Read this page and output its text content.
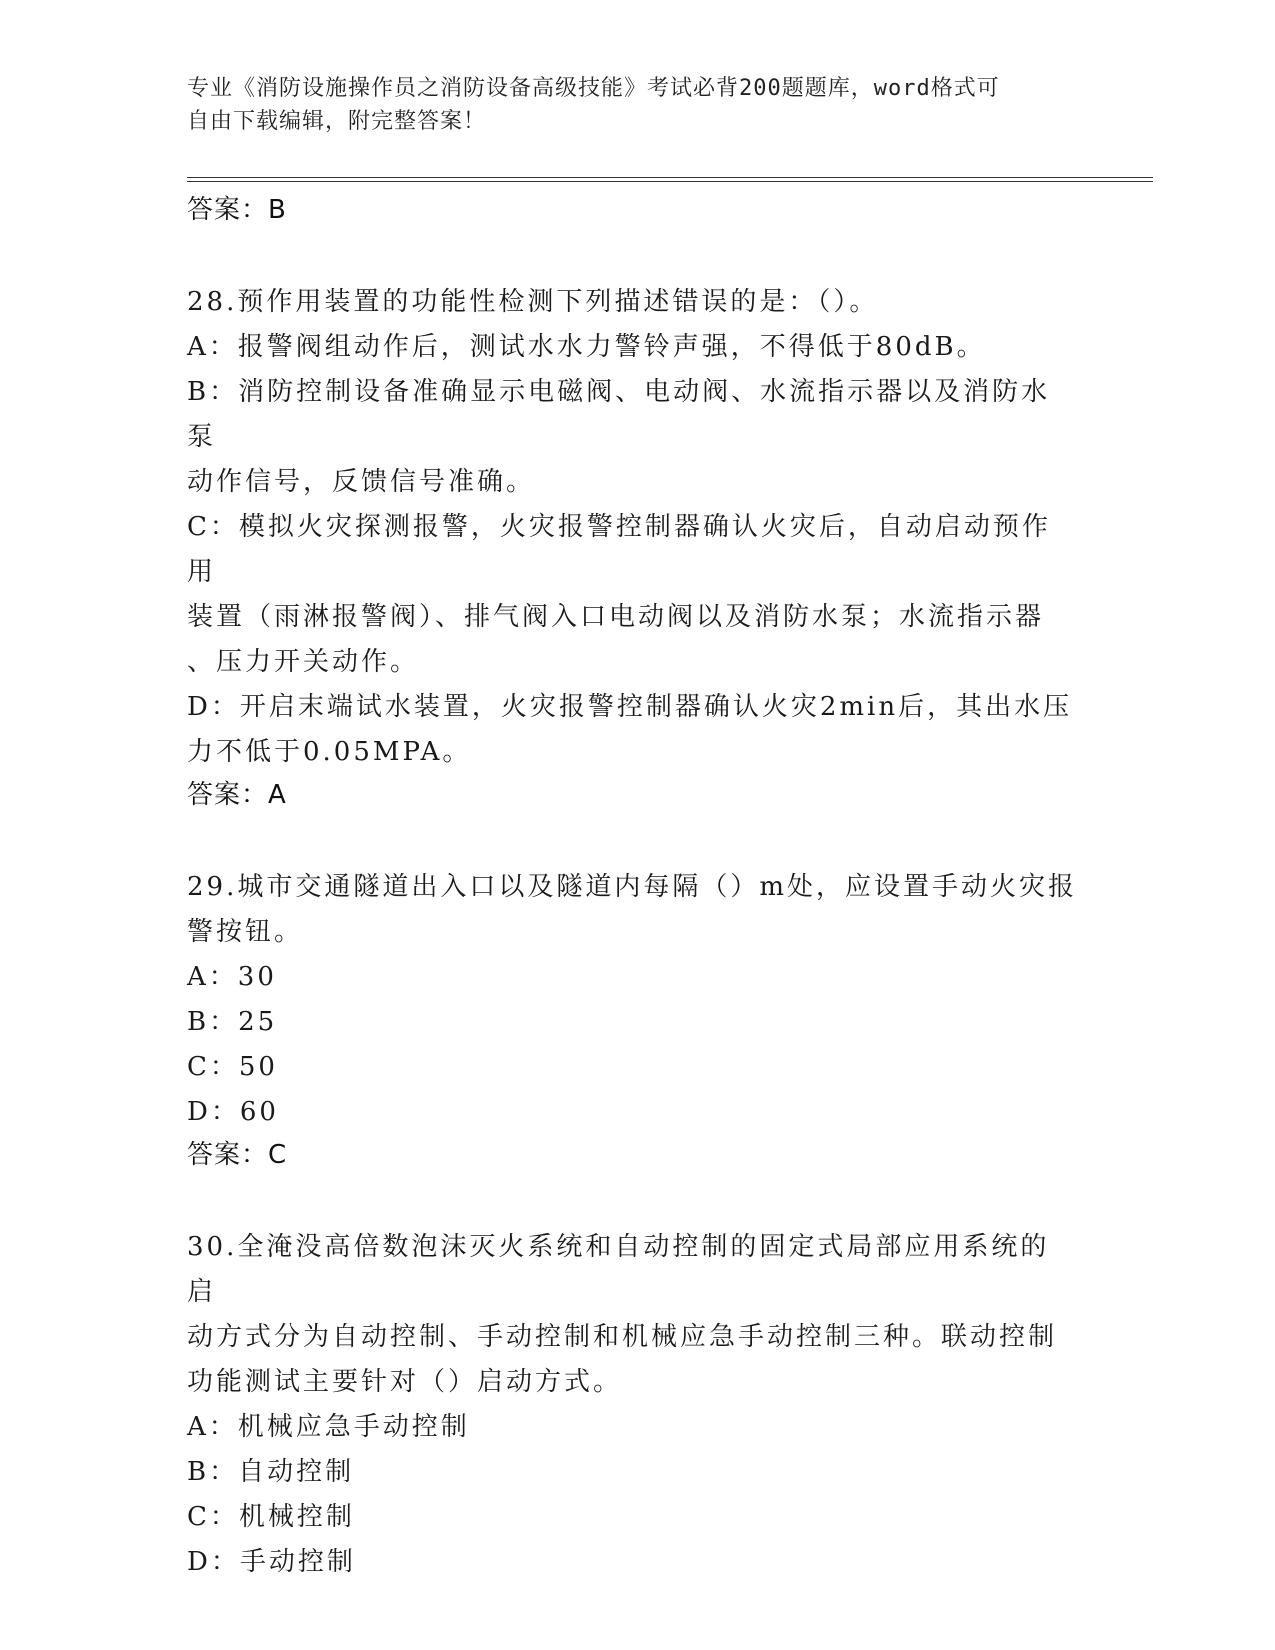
专业《消防设施操作员之消防设备高级技能》考试必背200题题库，word格式可
自由下载编辑，附完整答案！

答案：B

28.预作用装置的功能性检测下列描述错误的是：（）。

A：报警阀组动作后，测试水水力警铃声强，不得低于80dB。

B：消防控制设备准确显示电磁阀、电动阀、水流指示器以及消防水泵

动作信号，反馈信号准确。

C：模拟火灾探测报警，火灾报警控制器确认火灾后，自动启动预作用

装置（雨淋报警阀）、排气阀入口电动阀以及消防水泵；水流指示器

、压力开关动作。

D：开启末端试水装置，火灾报警控制器确认火灾2min后，其出水压

力不低于0.05MPA。

答案：A

29.城市交通隧道出入口以及隧道内每隔（）m处，应设置手动火灾报

警按钮。

A：30

B：25

C：50

D：60

答案：C

30.全淹没高倍数泡沫灭火系统和自动控制的固定式局部应用系统的启

动方式分为自动控制、手动控制和机械应急手动控制三种。联动控制

功能测试主要针对（）启动方式。

A：机械应急手动控制

B：自动控制

C：机械控制

D：手动控制
